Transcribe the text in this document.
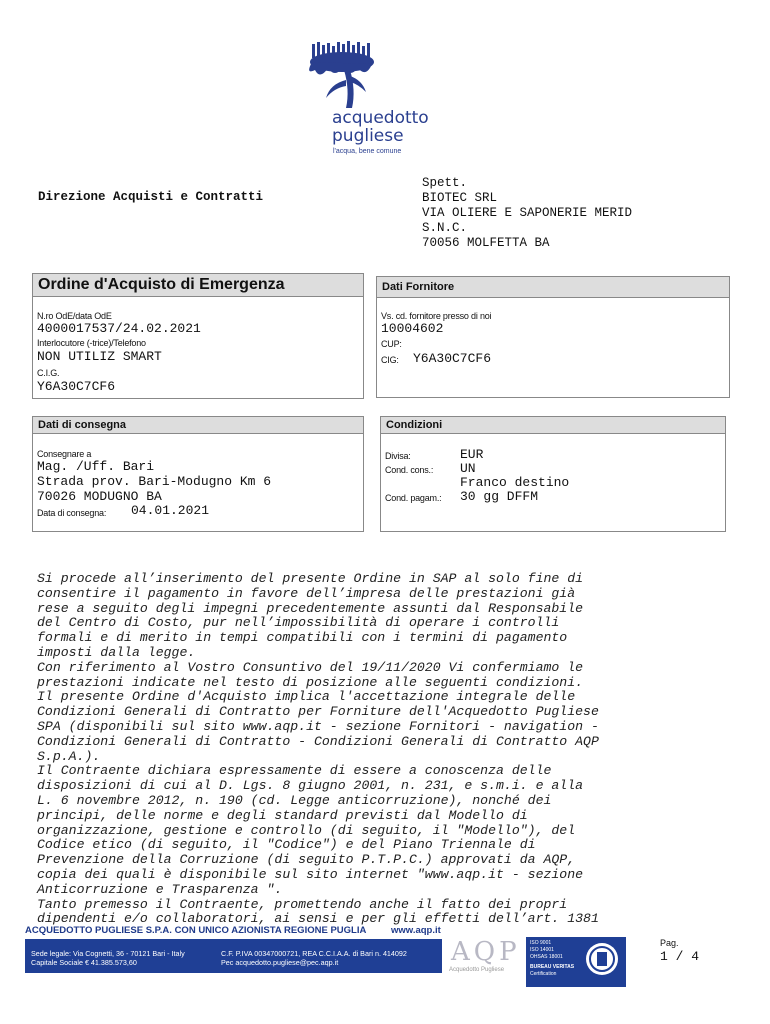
acquedotto
pugliese
l'acqua, bene comune
Direzione Acquisti e Contratti
Spett.
BIOTEC SRL
VIA OLIERE E SAPONERIE MERID
S.N.C.
70056 MOLFETTA BA
Ordine d'Acquisto di Emergenza
N.ro OdE/data OdE
4000017537/24.02.2021
Interlocutore (-trice)/Telefono
NON UTILIZ SMART
C.I.G.
Y6A30C7CF6
Dati Fornitore
Vs. cd. fornitore presso di noi
10004602
CUP:
CIG: Y6A30C7CF6
Dati di consegna
Consegnare a
Mag. /Uff. Bari
Strada prov. Bari-Modugno Km 6
70026 MODUGNO BA
Data di consegna: 04.01.2021
Condizioni
Divisa:	EUR
Cond. cons.: UN
Franco destino
Cond. pagam.: 30 gg DFFM
Si procede all’inserimento del presente Ordine in SAP al solo fine di
consentire il pagamento in favore dell’impresa delle prestazioni già
rese a seguito degli impegni precedentemente assunti dal Responsabile
del Centro di Costo, pur nell’impossibilità di operare i controlli
formali e di merito in tempi compatibili con i termini di pagamento
imposti dalla legge.
Con riferimento al Vostro Consuntivo del 19/11/2020 Vi confermiamo le
prestazioni indicate nel testo di posizione alle seguenti condizioni.
Il presente Ordine d'Acquisto implica l'accettazione integrale delle
Condizioni Generali di Contratto per Forniture dell'Acquedotto Pugliese
SPA (disponibili sul sito www.aqp.it - sezione Fornitori - navigation -
Condizioni Generali di Contratto - Condizioni Generali di Contratto AQP
S.p.A.).
Il Contraente dichiara espressamente di essere a conoscenza delle
disposizioni di cui al D. Lgs. 8 giugno 2001, n. 231, e s.m.i. e alla
L. 6 novembre 2012, n. 190 (cd. Legge anticorruzione), nonché dei
principi, delle norme e degli standard previsti dal Modello di
organizzazione, gestione e controllo (di seguito, il "Modello"), del
Codice etico (di seguito, il "Codice") e del Piano Triennale di
Prevenzione della Corruzione (di seguito P.T.P.C.) approvati da AQP,
copia dei quali è disponibile sul sito internet "www.aqp.it - sezione
Anticorruzione e Trasparenza ".
Tanto premesso il Contraente, promettendo anche il fatto dei propri
dipendenti e/o collaboratori, ai sensi e per gli effetti dell’art. 1381
ACQUEDOTTO PUGLIESE S.P.A. CON UNICO AZIONISTA REGIONE PUGLIA	www.aqp.it
Sede legale: Via Cognetti, 36 - 70121 Bari - Italy
Capitale Sociale € 41.385.573,60
C.F. P.IVA 00347000721, REA C.C.I.A.A. di Bari n. 414092
Pec acquedotto.pugliese@pec.aqp.it	AQP
Acquedotto Pugliese
ISO 9001
ISO 14001
OHSAS 18001
BUREAU VERITAS
Certification
Pag.
1 / 4
